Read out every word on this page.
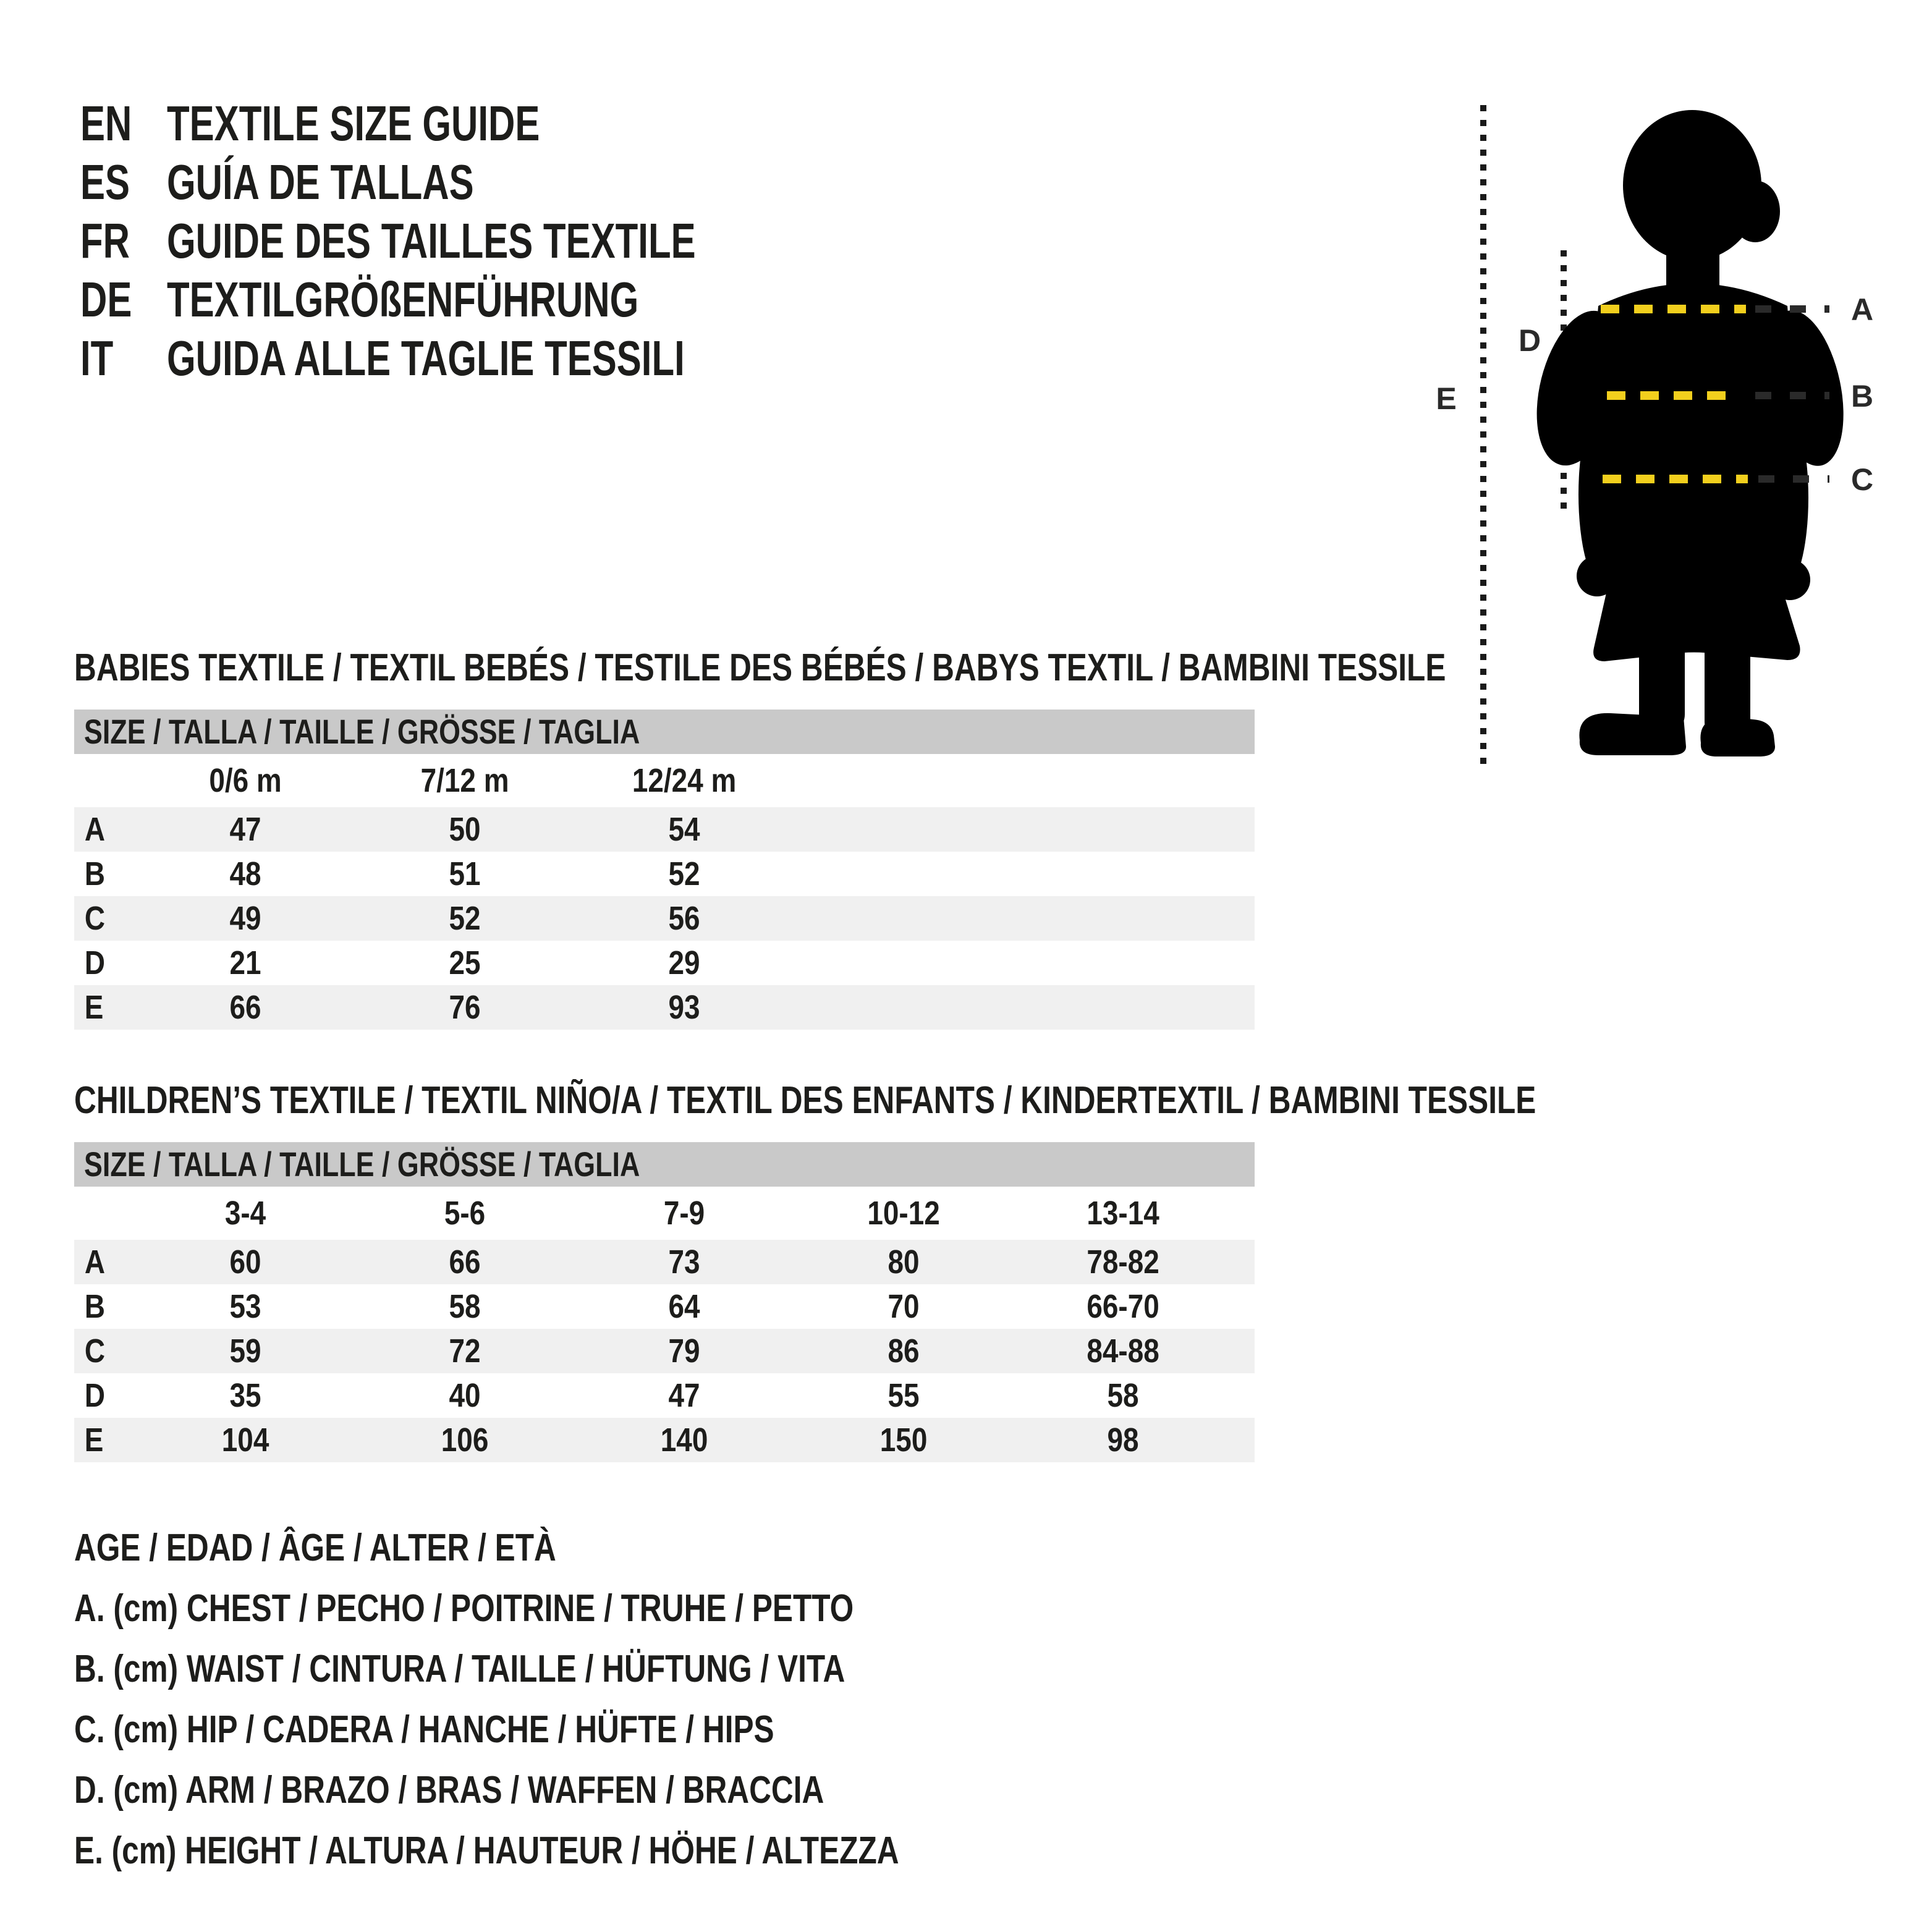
EN TEXTILE SIZE GUIDE
ES GUÍA DE TALLAS
FR GUIDE DES TAILLES TEXTILE
DE TEXTILGRÖßENFÜHRUNG
IT	GUIDA ALLE TAGLIE TESSILI
A
B
C
D
E
BABIES TEXTILE / TEXTIL BEBÉS / TESTILE DES BÉBÉS / BABYS TEXTIL / BAMBINI TESSILE
SIZE / TALLA / TAILLE / GRÖSSE / TAGLIA
0/6 m	7/12 m	12/24 m
A	47	50	54
B	48	51	52
C	49	52	56
D	21	25	29
E	66	76	93
CHILDREN’S TEXTILE / TEXTIL NIÑO/A / TEXTIL DES ENFANTS / KINDERTEXTIL / BAMBINI TESSILE
SIZE / TALLA / TAILLE / GRÖSSE / TAGLIA
3-4	5-6	7-9	10-12	13-14
A	60	66	73	80	78-82
B	53	58	64	70	66-70
C	59	72	79	86	84-88
D	35	40	47	55	58
E	104	106	140	150	98
AGE / EDAD / ÂGE / ALTER / ETÀ
A. (cm) CHEST / PECHO / POITRINE / TRUHE / PETTO
B. (cm) WAIST / CINTURA / TAILLE / HÜFTUNG / VITA
C. (cm) HIP / CADERA / HANCHE / HÜFTE / HIPS
D. (cm) ARM / BRAZO / BRAS / WAFFEN / BRACCIA
E. (cm) HEIGHT / ALTURA / HAUTEUR / HÖHE / ALTEZZA
